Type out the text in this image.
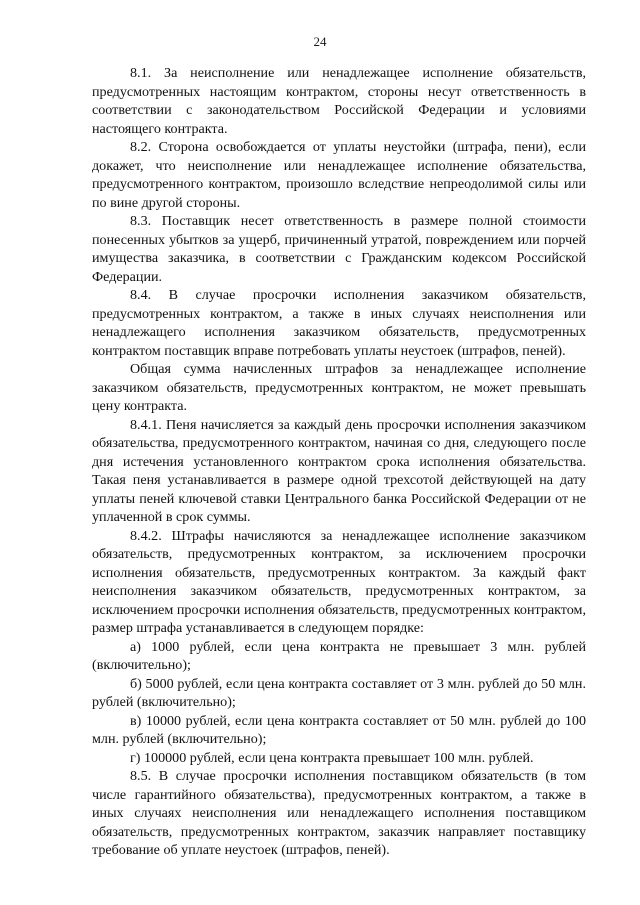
24

8.1. За неисполнение или ненадлежащее исполнение обязательств, предусмотренных настоящим контрактом, стороны несут ответственность в соответствии с законодательством Российской Федерации и условиями настоящего контракта.

8.2. Сторона освобождается от уплаты неустойки (штрафа, пени), если докажет, что неисполнение или ненадлежащее исполнение обязательства, предусмотренного контрактом, произошло вследствие непреодолимой силы или по вине другой стороны.

8.3. Поставщик несет ответственность в размере полной стоимости понесенных убытков за ущерб, причиненный утратой, повреждением или порчей имущества заказчика, в соответствии с Гражданским кодексом Российской Федерации.

8.4. В случае просрочки исполнения заказчиком обязательств, предусмотренных контрактом, а также в иных случаях неисполнения или ненадлежащего исполнения заказчиком обязательств, предусмотренных контрактом поставщик вправе потребовать уплаты неустоек (штрафов, пеней).

Общая сумма начисленных штрафов за ненадлежащее исполнение заказчиком обязательств, предусмотренных контрактом, не может превышать цену контракта.

8.4.1. Пеня начисляется за каждый день просрочки исполнения заказчиком обязательства, предусмотренного контрактом, начиная со дня, следующего после дня истечения установленного контрактом срока исполнения обязательства. Такая пеня устанавливается в размере одной трехсотой действующей на дату уплаты пеней ключевой ставки Центрального банка Российской Федерации от не уплаченной в срок суммы.

8.4.2. Штрафы начисляются за ненадлежащее исполнение заказчиком обязательств, предусмотренных контрактом, за исключением просрочки исполнения обязательств, предусмотренных контрактом. За каждый факт неисполнения заказчиком обязательств, предусмотренных контрактом, за исключением просрочки исполнения обязательств, предусмотренных контрактом, размер штрафа устанавливается в следующем порядке:

а) 1000 рублей, если цена контракта не превышает 3 млн. рублей (включительно);

б) 5000 рублей, если цена контракта составляет от 3 млн. рублей до 50 млн. рублей (включительно);

в) 10000 рублей, если цена контракта составляет от 50 млн. рублей до 100 млн. рублей (включительно);

г) 100000 рублей, если цена контракта превышает 100 млн. рублей.

8.5. В случае просрочки исполнения поставщиком обязательств (в том числе гарантийного обязательства), предусмотренных контрактом, а также в иных случаях неисполнения или ненадлежащего исполнения поставщиком обязательств, предусмотренных контрактом, заказчик направляет поставщику требование об уплате неустоек (штрафов, пеней).
